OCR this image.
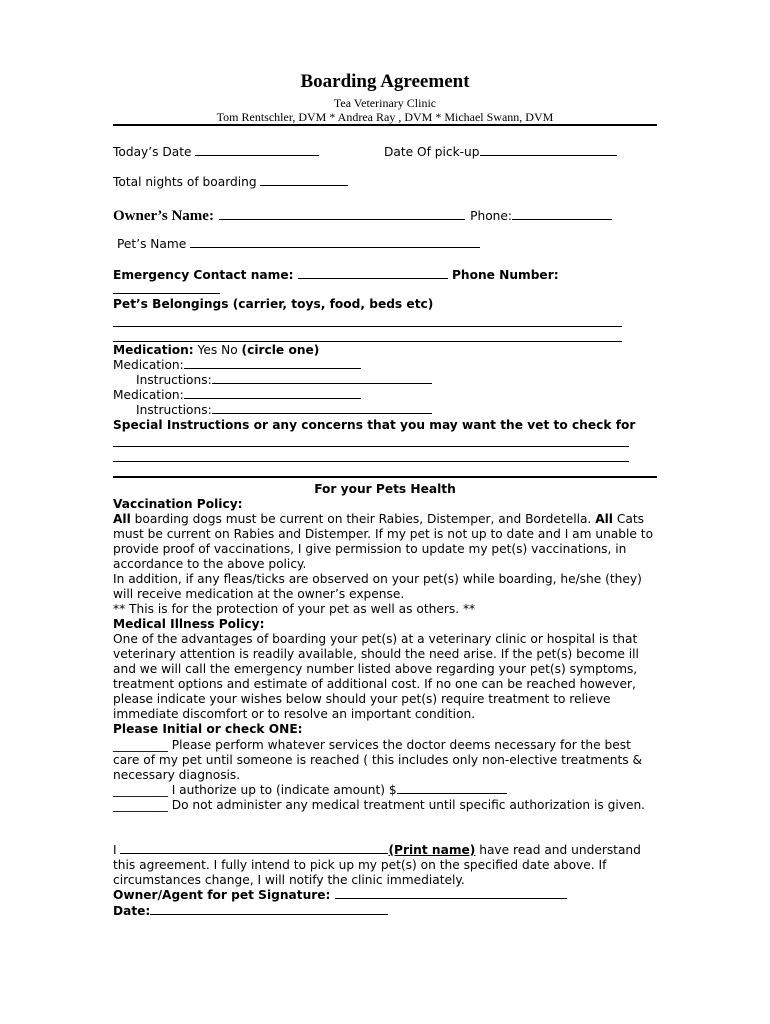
Boarding Agreement
Tea Veterinary Clinic
Tom Rentschler, DVM * Andrea Ray , DVM * Michael Swann, DVM
Today’s Date	Date Of pick-up
Total nights of boarding
Owner’s Name:	Phone:
Pet’s Name
Emergency Contact name:	Phone Number:
Pet’s Belongings (carrier, toys, food, beds etc)
Medication: Yes No (circle one)
Medication:
Instructions:
Medication:
Instructions:
Special Instructions or any concerns that you may want the vet to check for
For your Pets Health
Vaccination Policy:
All boarding dogs must be current on their Rabies, Distemper, and Bordetella. All Cats must be current on Rabies and Distemper. If my pet is not up to date and I am unable to provide proof of vaccinations, I give permission to update my pet(s) vaccinations, in accordance to the above policy.
In addition, if any fleas/ticks are observed on your pet(s) while boarding, he/she (they) will receive medication at the owner’s expense.
** This is for the protection of your pet as well as others. **
Medical Illness Policy:
One of the advantages of boarding your pet(s) at a veterinary clinic or hospital is that veterinary attention is readily available, should the need arise. If the pet(s) become ill and we will call the emergency number listed above regarding your pet(s) symptoms, treatment options and estimate of additional cost. If no one can be reached however, please indicate your wishes below should your pet(s) require treatment to relieve immediate discomfort or to resolve an important condition.
Please Initial or check ONE:
_________ Please perform whatever services the doctor deems necessary for the best care of my pet until someone is reached ( this includes only non-elective treatments & necessary diagnosis.
_________ I authorize up to (indicate amount) $
_________ Do not administer any medical treatment until specific authorization is given.
I	(Print name) have read and understand this agreement. I fully intend to pick up my pet(s) on the specified date above. If circumstances change, I will notify the clinic immediately.
Owner/Agent for pet Signature:
Date:
